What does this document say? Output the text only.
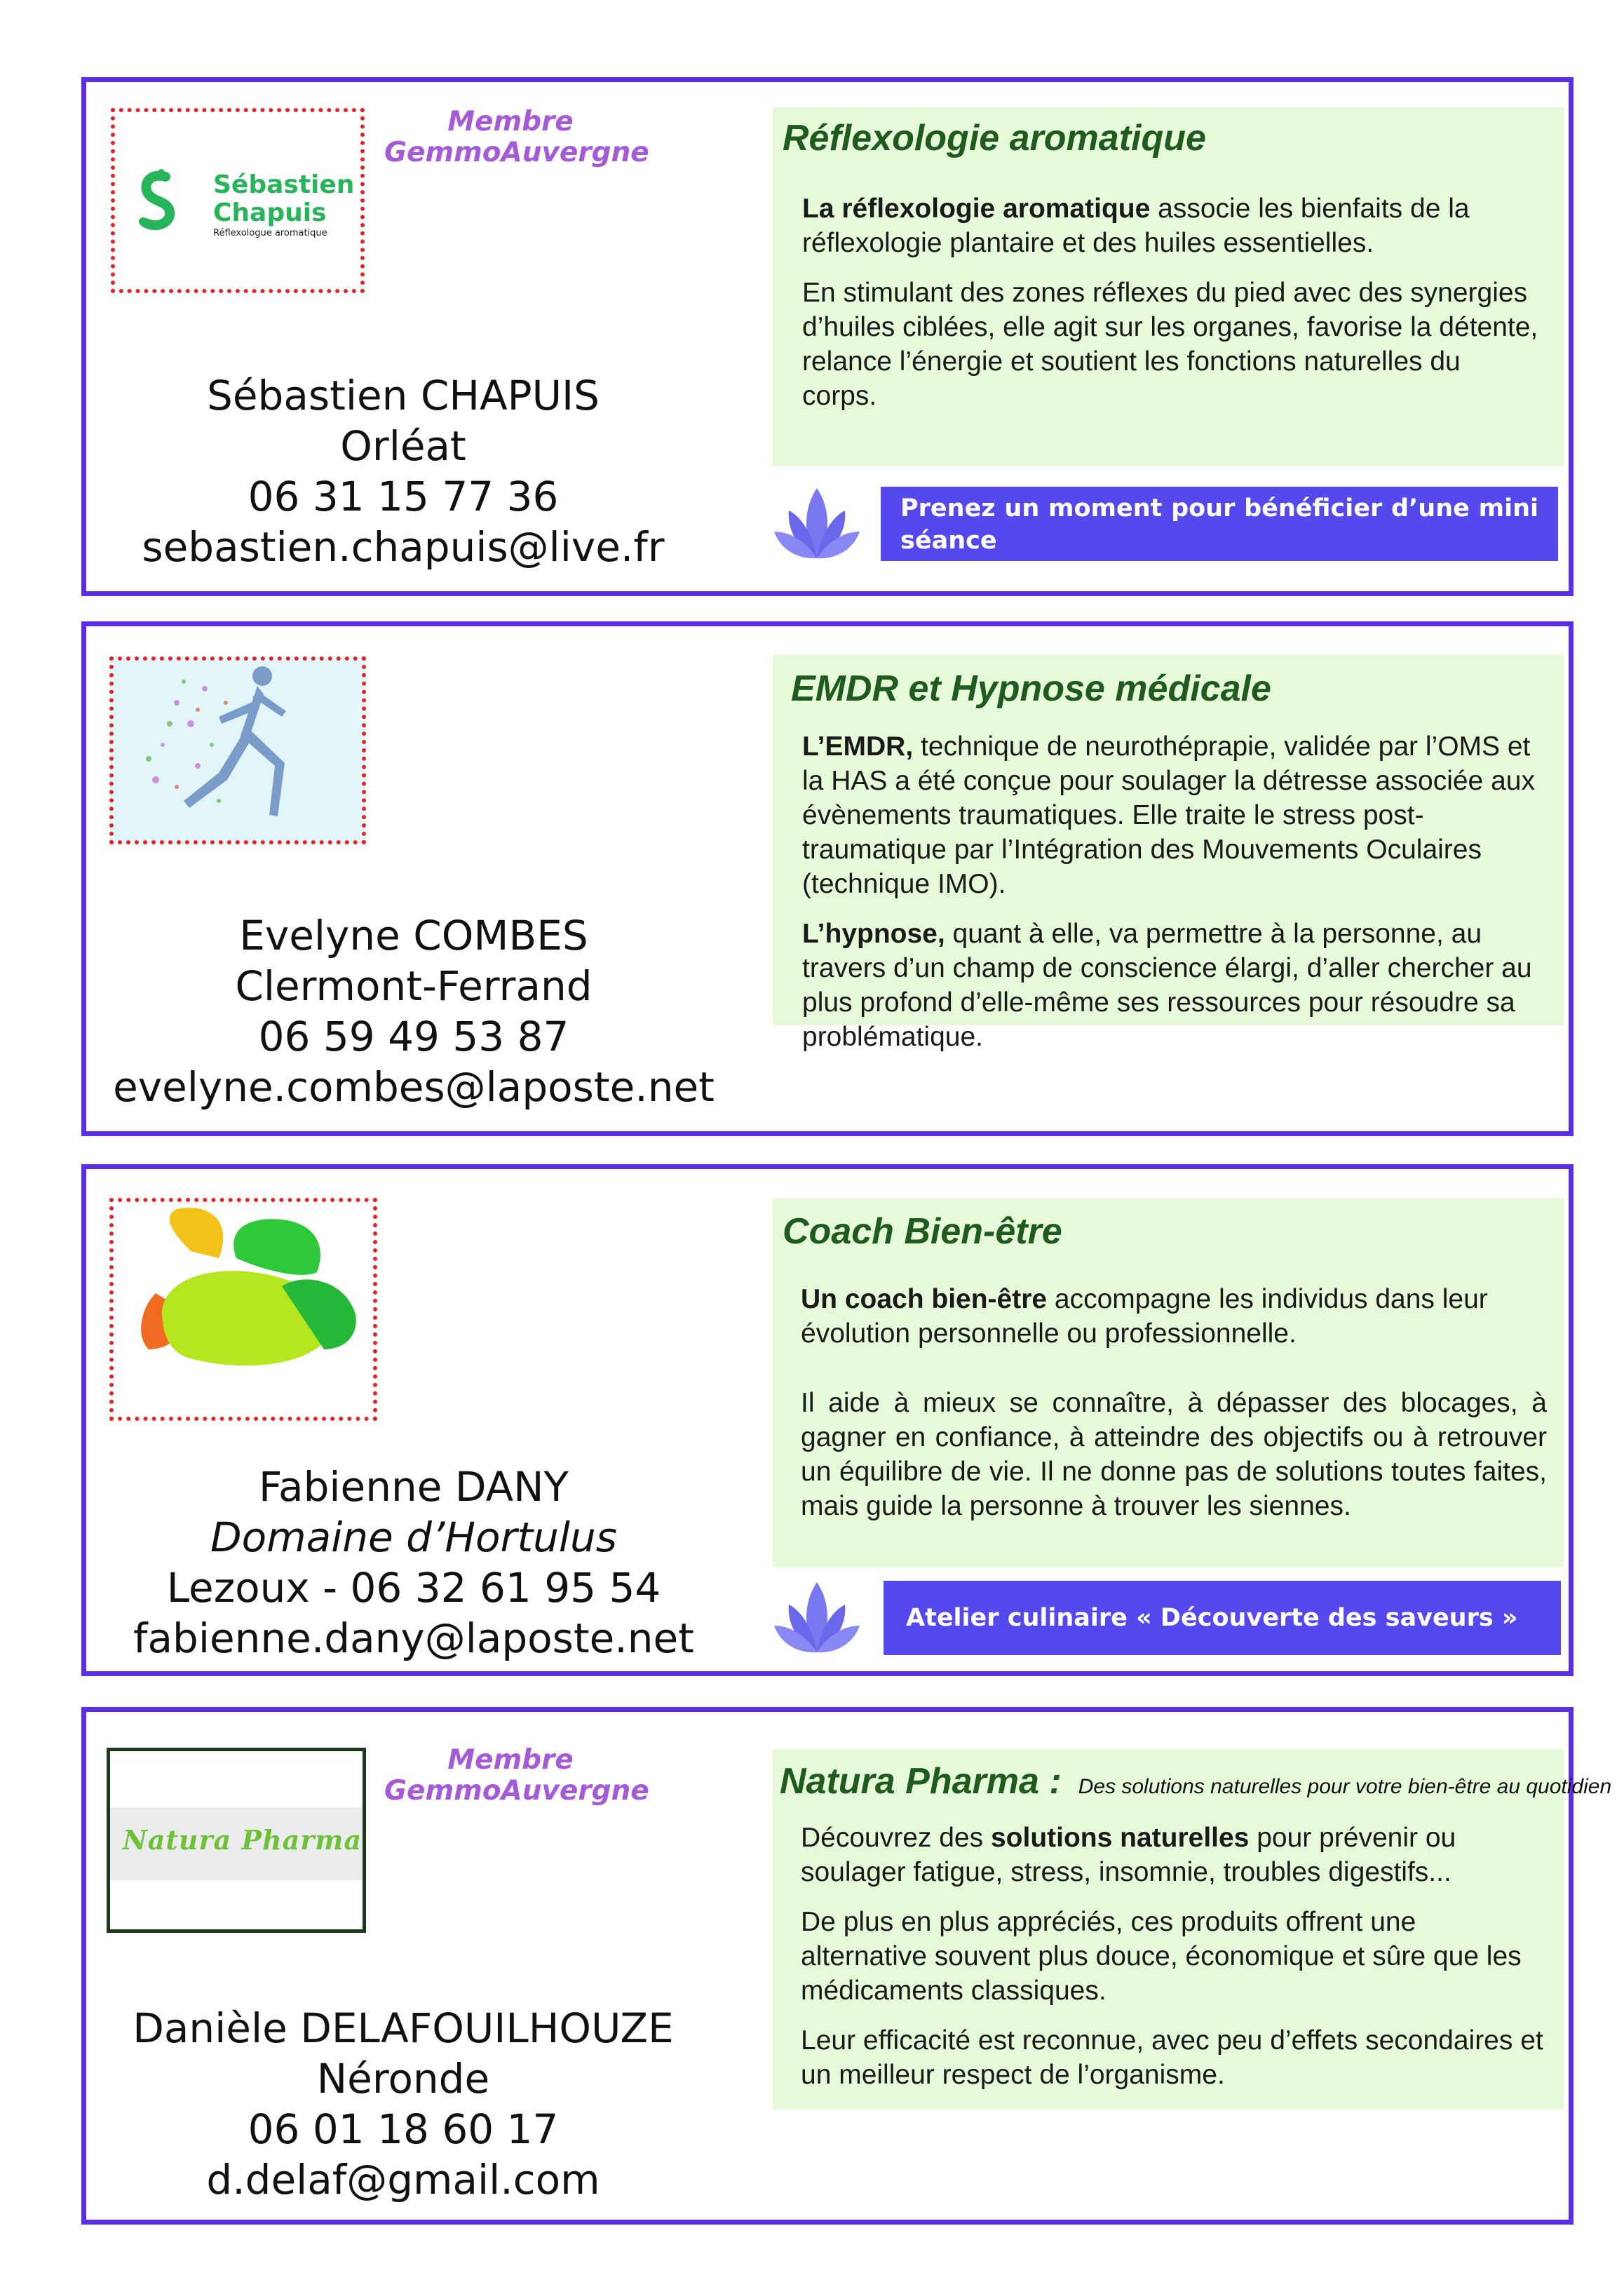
Sébastien
Chapuis
Réflexologue aromatique
Membre
GemmoAuvergne
Sébastien CHAPUIS
Orléat
06 31 15 77 36
sebastien.chapuis@live.fr
Réflexologie aromatique

La réflexologie aromatique associe les bienfaits de la réflexologie plantaire et des huiles essentielles.

En stimulant des zones réflexes du pied avec des synergies d’huiles ciblées, elle agit sur les organes, favorise la détente, relance l’énergie et soutient les fonctions naturelles du corps.

Prenez un moment pour bénéficier d’une mini séance
Evelyne COMBES
Clermont-Ferrand
06 59 49 53 87
evelyne.combes@laposte.net
EMDR et Hypnose médicale

L’EMDR, technique de neurothéprapie, validée par l’OMS et la HAS a été conçue pour soulager la détresse associée aux évènements traumatiques. Elle traite le stress post-traumatique par l’Intégration des Mouvements Oculaires (technique IMO).

L’hypnose, quant à elle, va permettre à la personne, au travers d’un champ de conscience élargi, d’aller chercher au plus profond d’elle-même ses ressources pour résoudre sa problématique.

Fabienne DANY
Domaine d’Hortulus
Lezoux - 06 32 61 95 54
fabienne.dany@laposte.net
Coach Bien-être

Un coach bien-être accompagne les individus dans leur évolution personnelle ou professionnelle.

Il aide à mieux se connaître, à dépasser des blocages, à gagner en confiance, à atteindre des objectifs ou à retrouver un équilibre de vie. Il ne donne pas de solutions toutes faites, mais guide la personne à trouver les siennes.

Atelier culinaire « Découverte des saveurs »
Natura Pharma
Membre
GemmoAuvergne
Danièle DELAFOUILHOUZE
Néronde
06 01 18 60 17
d.delaf@gmail.com
Natura Pharma : Des solutions naturelles pour votre bien-être au quotidien

Découvrez des solutions naturelles pour prévenir ou soulager fatigue, stress, insomnie, troubles digestifs...

De plus en plus appréciés, ces produits offrent une alternative souvent plus douce, économique et sûre que les médicaments classiques.

Leur efficacité est reconnue, avec peu d’effets secondaires et un meilleur respect de l’organisme.
